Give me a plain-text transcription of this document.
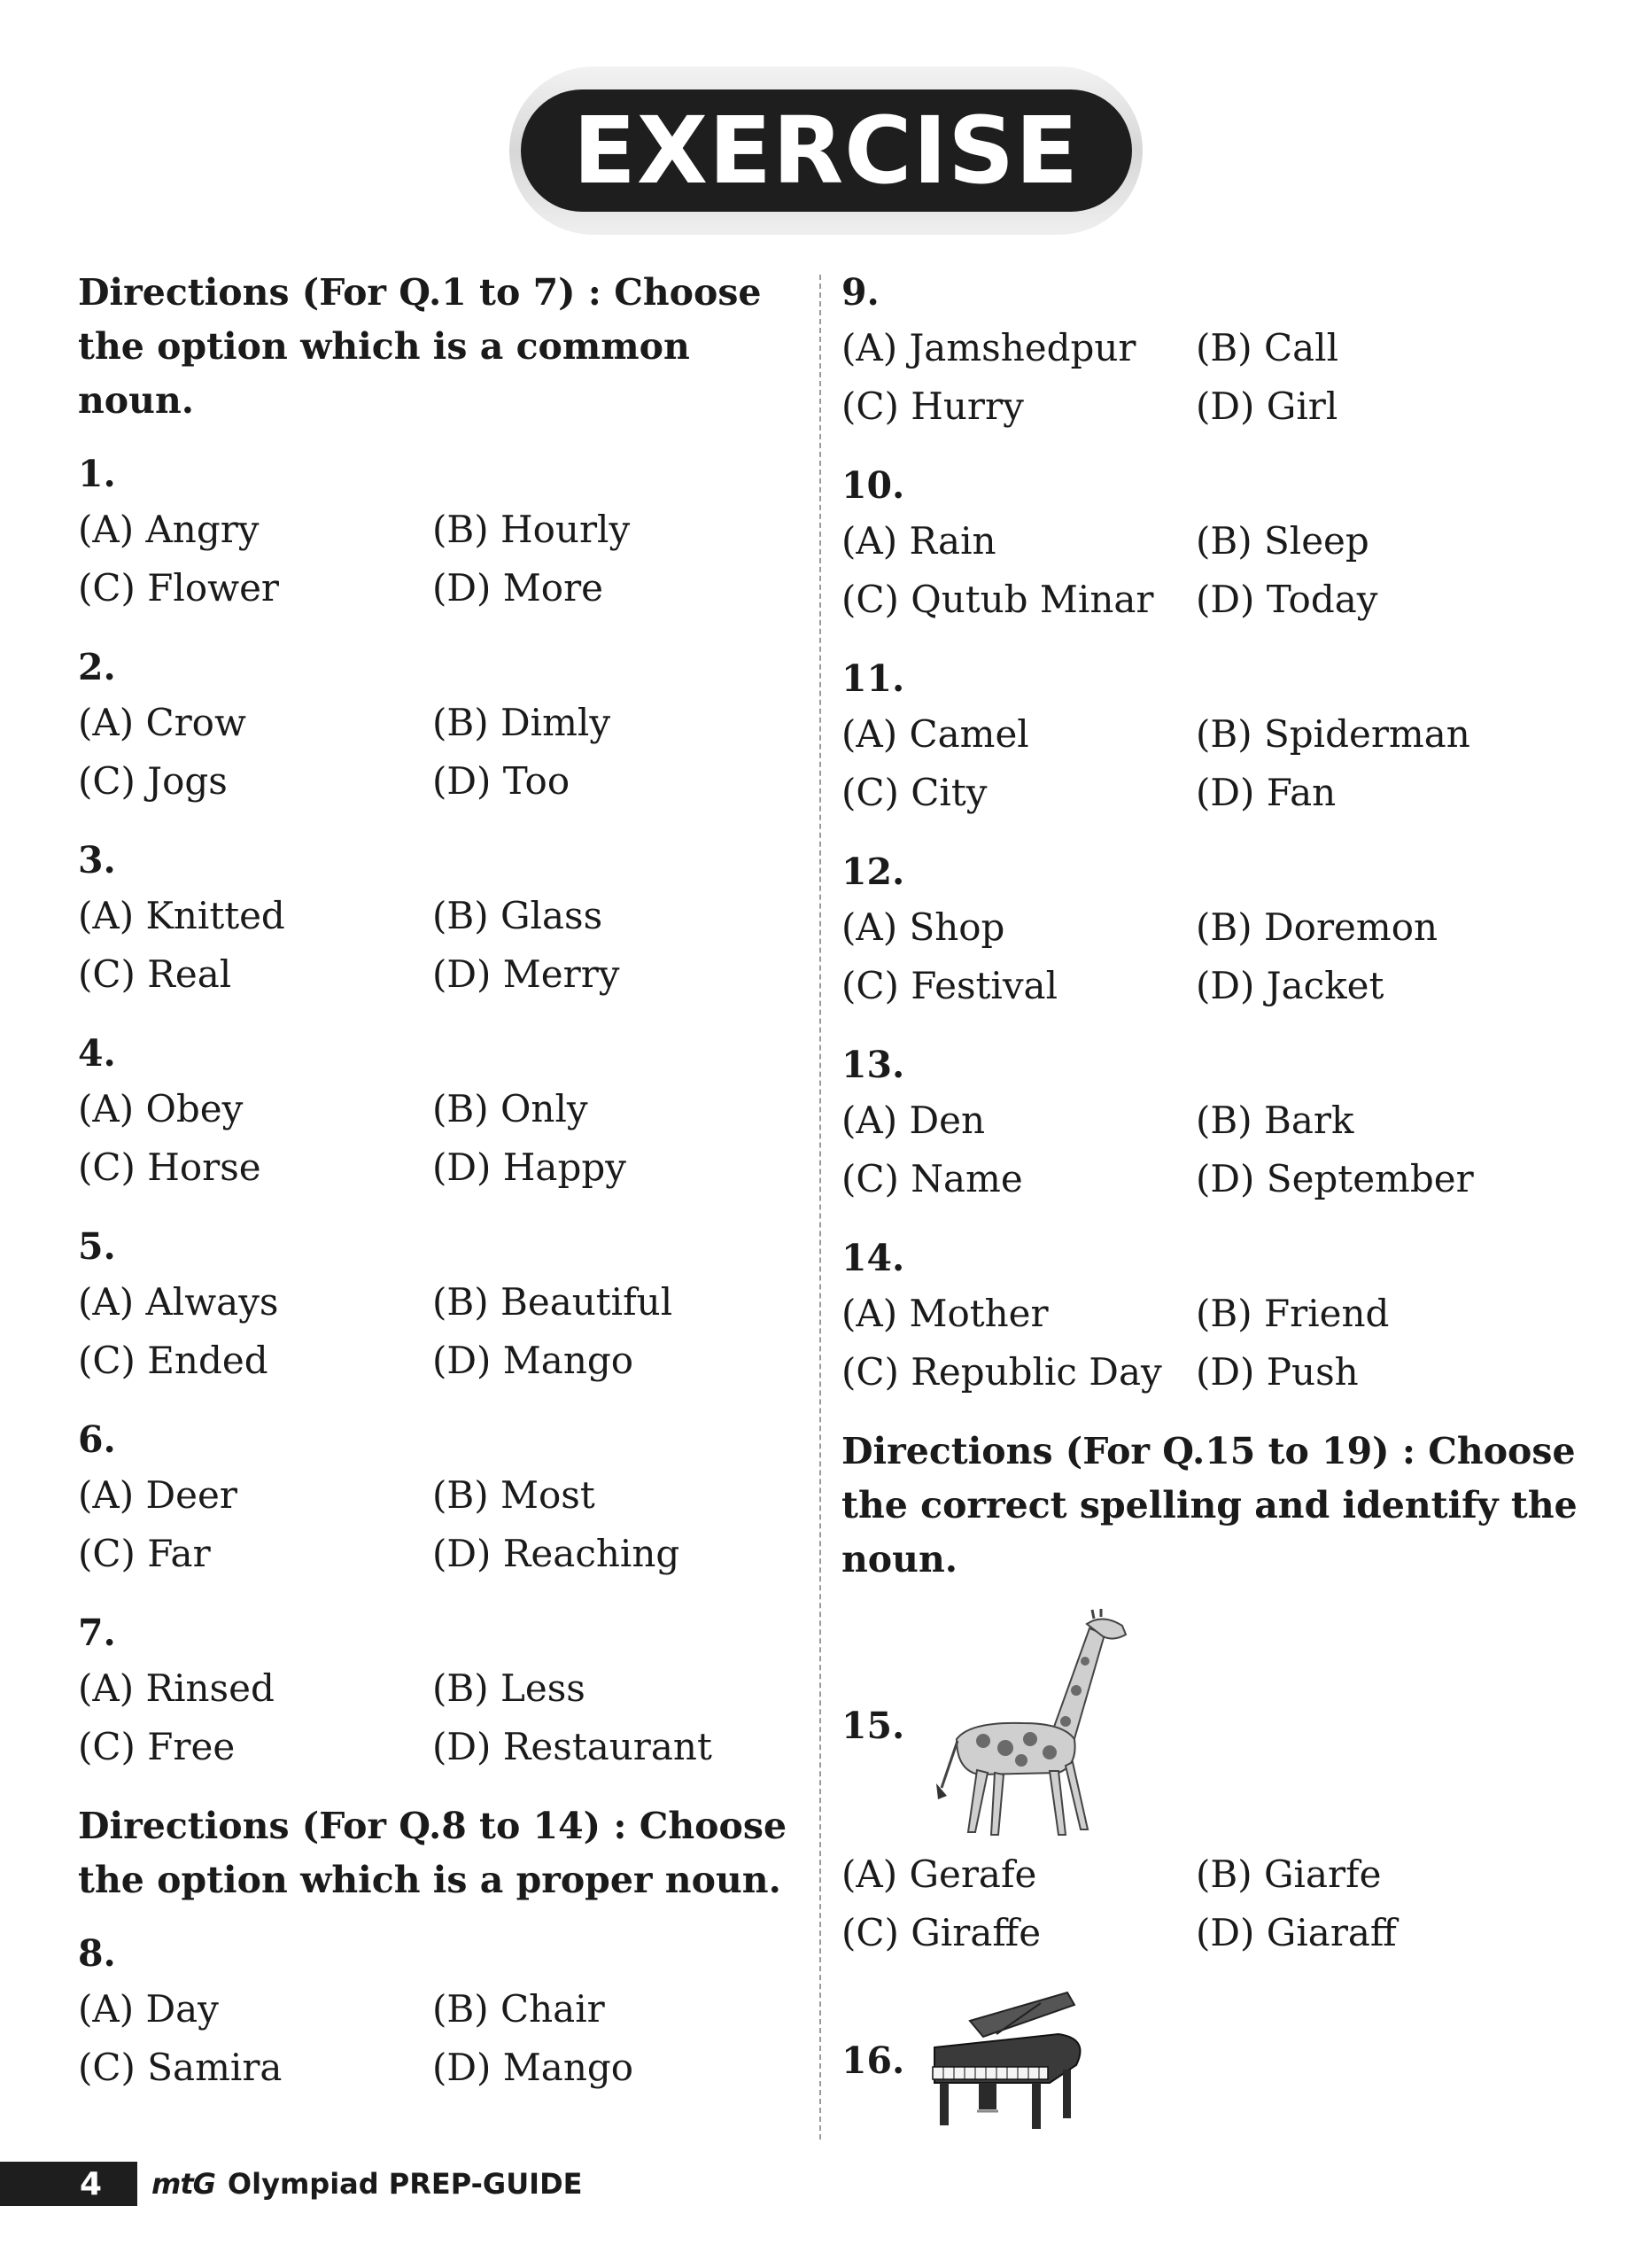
EXERCISE
Directions (For Q.1 to 7) : Choose the option which is a common noun.
1.
(A) Angry	(B) Hourly
(C) Flower	(D) More
2.
(A) Crow	(B) Dimly
(C) Jogs	(D) Too
3.
(A) Knitted	(B) Glass
(C) Real	(D) Merry
4.
(A) Obey	(B) Only
(C) Horse	(D) Happy
5.
(A) Always	(B) Beautiful
(C) Ended	(D) Mango
6.
(A) Deer	(B) Most
(C) Far	(D) Reaching
7.
(A) Rinsed	(B) Less
(C) Free	(D) Restaurant
Directions (For Q.8 to 14) : Choose the option which is a proper noun.
8.
(A) Day	(B) Chair
(C) Samira	(D) Mango
9.
(A) Jamshedpur	(B) Call
(C) Hurry	(D) Girl
10.
(A) Rain	(B) Sleep
(C) Qutub Minar	(D) Today
11.
(A) Camel	(B) Spiderman
(C) City	(D) Fan
12.
(A) Shop	(B) Doremon
(C) Festival	(D) Jacket
13.
(A) Den	(B) Bark
(C) Name	(D) September
14.
(A) Mother	(B) Friend
(C) Republic Day (D) Push
Directions (For Q.15 to 19) : Choose the correct spelling and identify the noun.
15.
(A) Gerafe	(B) Giarfe
(C) Giraffe	(D) Giaraff
16.
4	mtG Olympiad PREP-GUIDE
